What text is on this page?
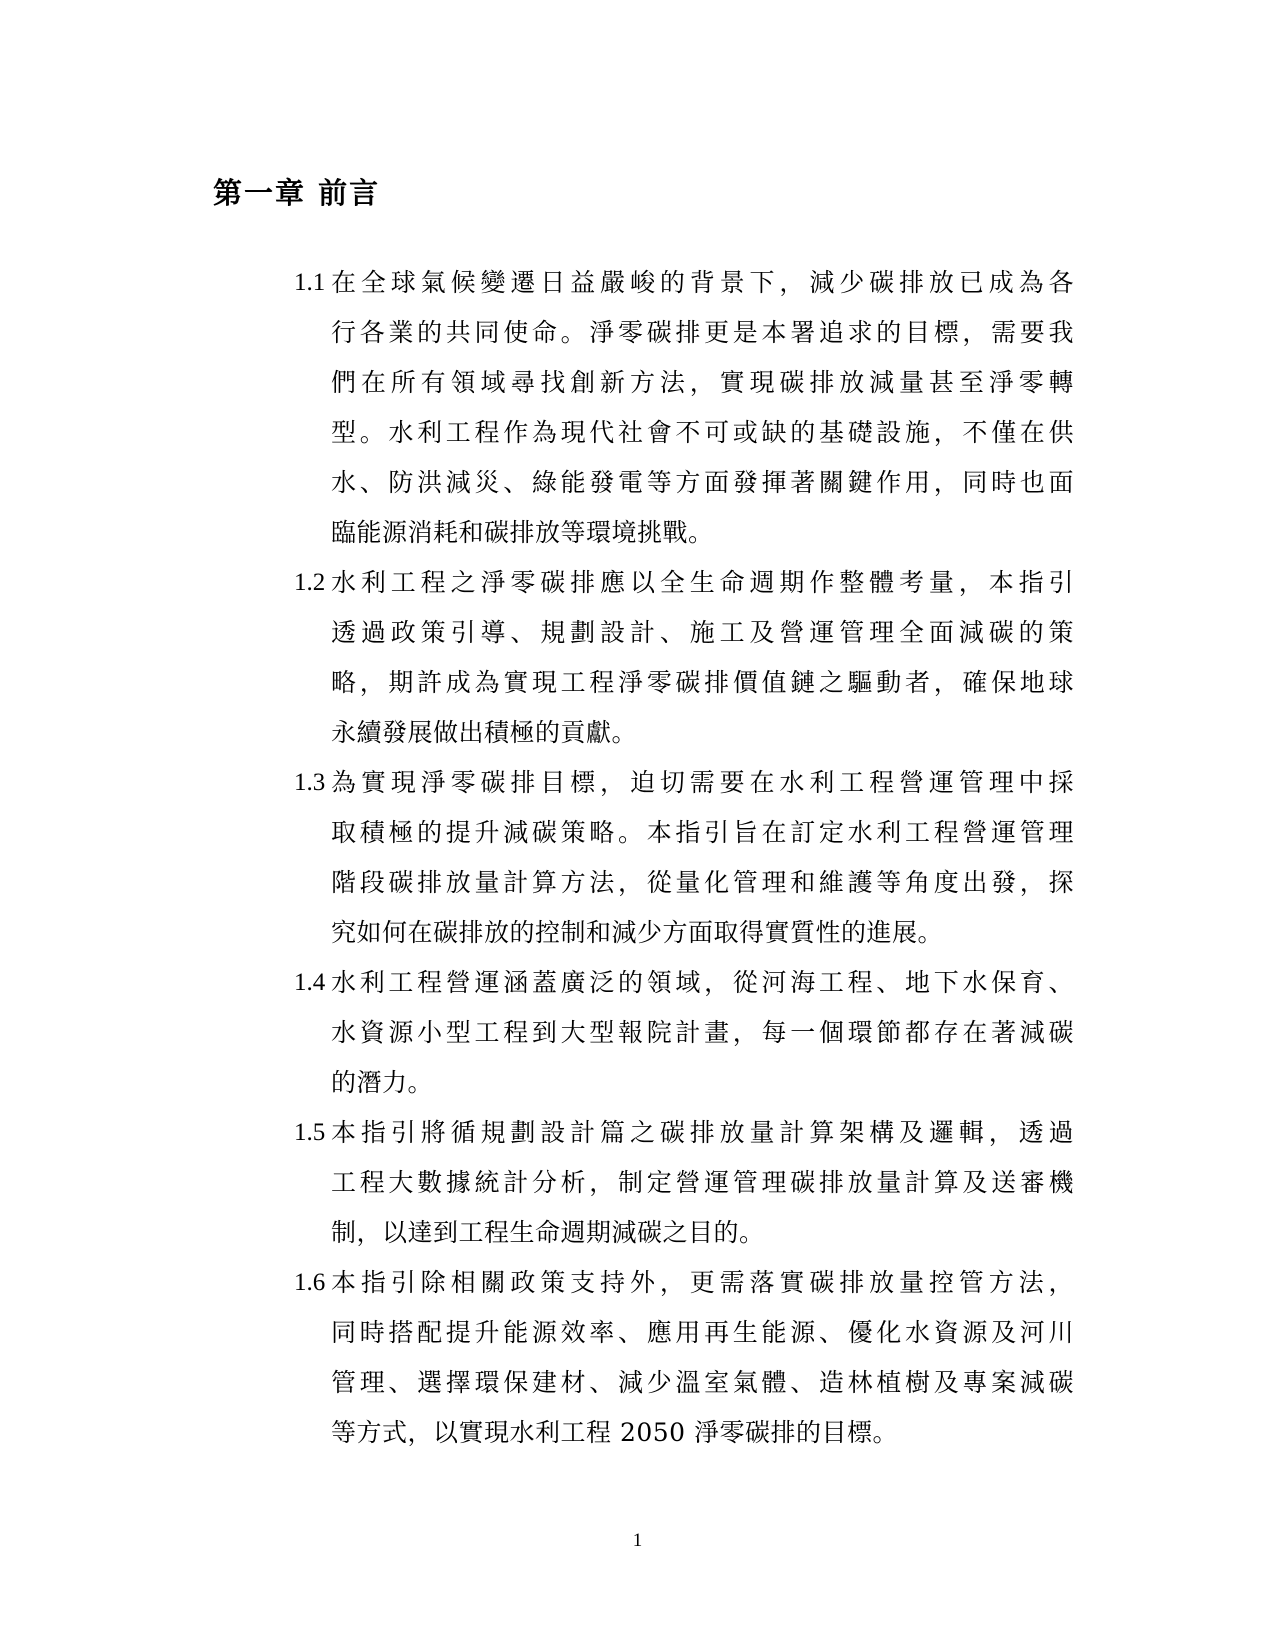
第一章 前言
1.1 在全球氣候變遷日益嚴峻的背景下，減少碳排放已成為各
行各業的共同使命。淨零碳排更是本署追求的目標，需要我
們在所有領域尋找創新方法，實現碳排放減量甚至淨零轉
型。水利工程作為現代社會不可或缺的基礎設施，不僅在供
水、防洪減災、綠能發電等方面發揮著關鍵作用，同時也面
臨能源消耗和碳排放等環境挑戰。
1.2 水利工程之淨零碳排應以全生命週期作整體考量，本指引
透過政策引導、規劃設計、施工及營運管理全面減碳的策
略，期許成為實現工程淨零碳排價值鏈之驅動者，確保地球
永續發展做出積極的貢獻。
1.3 為實現淨零碳排目標，迫切需要在水利工程營運管理中採
取積極的提升減碳策略。本指引旨在訂定水利工程營運管理
階段碳排放量計算方法，從量化管理和維護等角度出發，探
究如何在碳排放的控制和減少方面取得實質性的進展。
1.4 水利工程營運涵蓋廣泛的領域，從河海工程、地下水保育、
水資源小型工程到大型報院計畫，每一個環節都存在著減碳
的潛力。
1.5 本指引將循規劃設計篇之碳排放量計算架構及邏輯，透過
工程大數據統計分析，制定營運管理碳排放量計算及送審機
制，以達到工程生命週期減碳之目的。
1.6 本指引除相關政策支持外，更需落實碳排放量控管方法，
同時搭配提升能源效率、應用再生能源、優化水資源及河川
管理、選擇環保建材、減少溫室氣體、造林植樹及專案減碳
等方式，以實現水利工程 2050 淨零碳排的目標。
1
